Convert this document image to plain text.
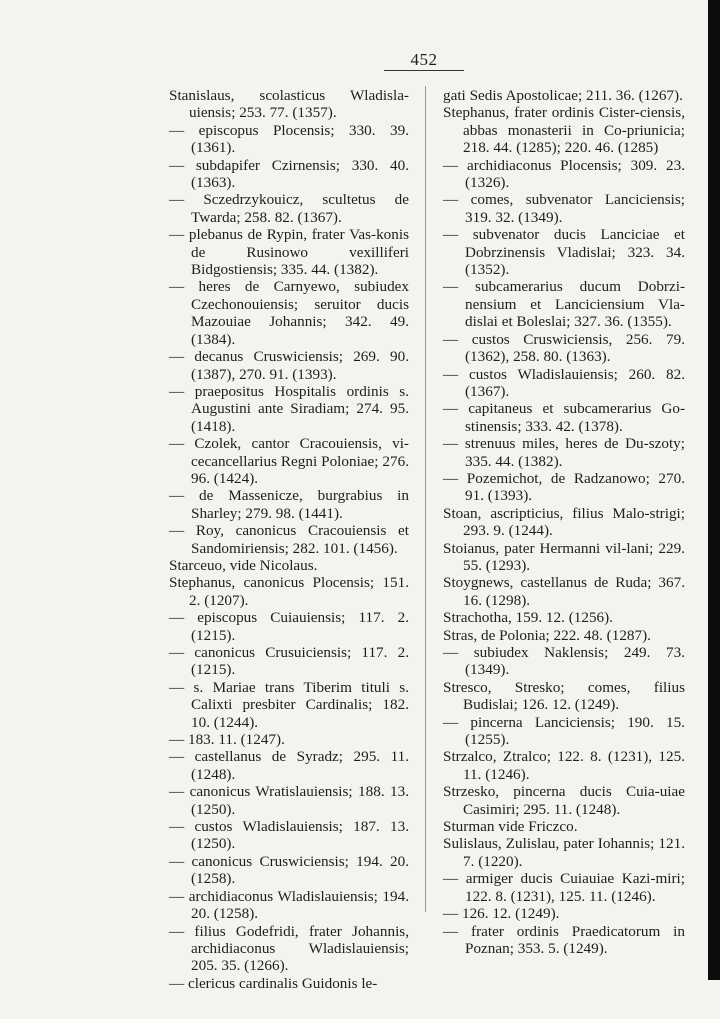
452

Stanislaus, scolasticus Wladisla-uiensis; 253. 77. (1357).

— episcopus Plocensis; 330. 39. (1361).

— subdapifer Czirnensis; 330. 40. (1363).

— Sczedrzykouicz, scultetus de Twarda; 258. 82. (1367).

— plebanus de Rypin, frater Vas-konis de Rusinowo vexilliferi Bidgostiensis; 335. 44. (1382).

— heres de Carnyewo, subiudex Czechonouiensis; seruitor ducis Mazouiae Johannis; 342. 49. (1384).

— decanus Cruswiciensis; 269. 90. (1387), 270. 91. (1393).

— praepositus Hospitalis ordinis s. Augustini ante Siradiam; 274. 95. (1418).

— Czolek, cantor Cracouiensis, vi-cecancellarius Regni Poloniae; 276. 96. (1424).

— de Massenicze, burgrabius in Sharley; 279. 98. (1441).

— Roy, canonicus Cracouiensis et Sandomiriensis; 282. 101. (1456).

Starceuo, vide Nicolaus.

Stephanus, canonicus Plocensis; 151. 2. (1207).

— episcopus Cuiauiensis; 117. 2. (1215).

— canonicus Crusuiciensis; 117. 2. (1215).

— s. Mariae trans Tiberim tituli s. Calixti presbiter Cardinalis; 182. 10. (1244).

— 183. 11. (1247).

— castellanus de Syradz; 295. 11. (1248).

— canonicus Wratislauiensis; 188. 13. (1250).

— custos Wladislauiensis; 187. 13. (1250).

— canonicus Cruswiciensis; 194. 20. (1258).

— archidiaconus Wladislauiensis; 194. 20. (1258).

— filius Godefridi, frater Johannis, archidiaconus Wladislauiensis; 205. 35. (1266).

— clericus cardinalis Guidonis le-

gati Sedis Apostolicae; 211. 36. (1267).

Stephanus, frater ordinis Cister-ciensis, abbas monasterii in Co-priunicia; 218. 44. (1285); 220. 46. (1285)

— archidiaconus Plocensis; 309. 23. (1326).

— comes, subvenator Lanciciensis; 319. 32. (1349).

— subvenator ducis Lanciciae et Dobrzinensis Vladislai; 323. 34. (1352).

— subcamerarius ducum Dobrzi-nensium et Lanciciensium Vla-dislai et Boleslai; 327. 36. (1355).

— custos Cruswiciensis, 256. 79. (1362), 258. 80. (1363).

— custos Wladislauiensis; 260. 82. (1367).

— capitaneus et subcamerarius Go-stinensis; 333. 42. (1378).

— strenuus miles, heres de Du-szoty; 335. 44. (1382).

— Pozemichot, de Radzanowo; 270. 91. (1393).

Stoan, ascripticius, filius Malo-strigi; 293. 9. (1244).

Stoianus, pater Hermanni vil-lani; 229. 55. (1293).

Stoygnews, castellanus de Ruda; 367. 16. (1298).

Strachotha, 159. 12. (1256).

Stras, de Polonia; 222. 48. (1287).

— subiudex Naklensis; 249. 73. (1349).

Stresco, Stresko; comes, filius Budislai; 126. 12. (1249).

— pincerna Lanciciensis; 190. 15. (1255).

Strzalco, Ztralco; 122. 8. (1231), 125. 11. (1246).

Strzesko, pincerna ducis Cuia-uiae Casimiri; 295. 11. (1248).

Sturman vide Friczco.

Sulislaus, Zulislau, pater Iohannis; 121. 7. (1220).

— armiger ducis Cuiauiae Kazi-miri; 122. 8. (1231), 125. 11. (1246).

— 126. 12. (1249).

— frater ordinis Praedicatorum in Poznan; 353. 5. (1249).
